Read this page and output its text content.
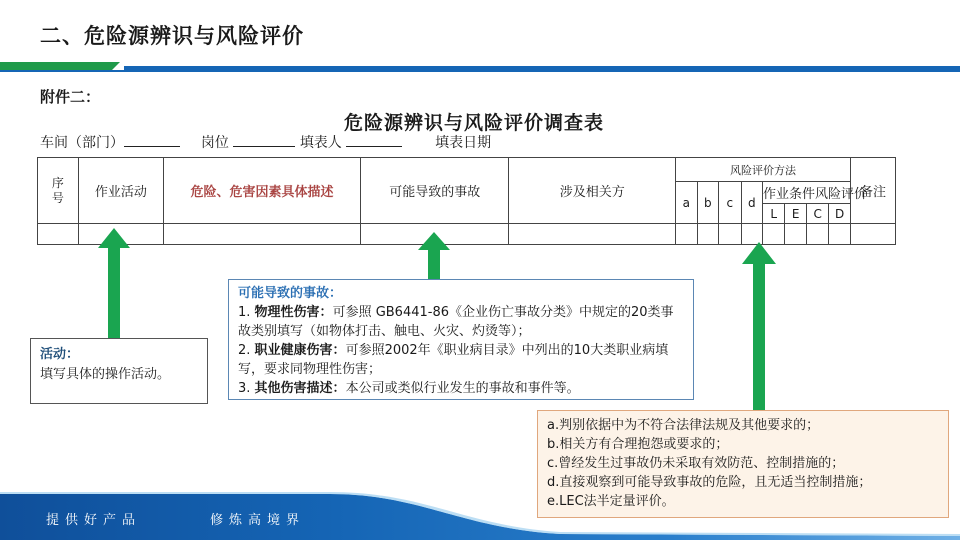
二、危险源辨识与风险评价
附件二：
危险源辨识与风险评价调查表
车间（部门）	岗位	填表人	填表日期
序号	作业活动	危险、危害因素具体描述	可能导致的事故	涉及相关方	风险评价方法								备注
					a	b	c	d	作业条件风险评价				
									L	E	C	D	

活动：
填写具体的操作活动。
可能导致的事故：
1. 物理性伤害：可参照 GB6441-86《企业伤亡事故分类》中规定的20类事故类别填写（如物体打击、触电、火灾、灼烫等）；
2. 职业健康伤害：可参照2002年《职业病目录》中列出的10大类职业病填写，要求同物理性伤害；
3. 其他伤害描述：本公司或类似行业发生的事故和事件等。
a.判别依据中为不符合法律法规及其他要求的；
b.相关方有合理抱怨或要求的；
c.曾经发生过事故仍未采取有效防范、控制措施的；
d.直接观察到可能导致事故的危险，且无适当控制措施；
e.LEC法半定量评价。
提供好产品	修炼高境界
